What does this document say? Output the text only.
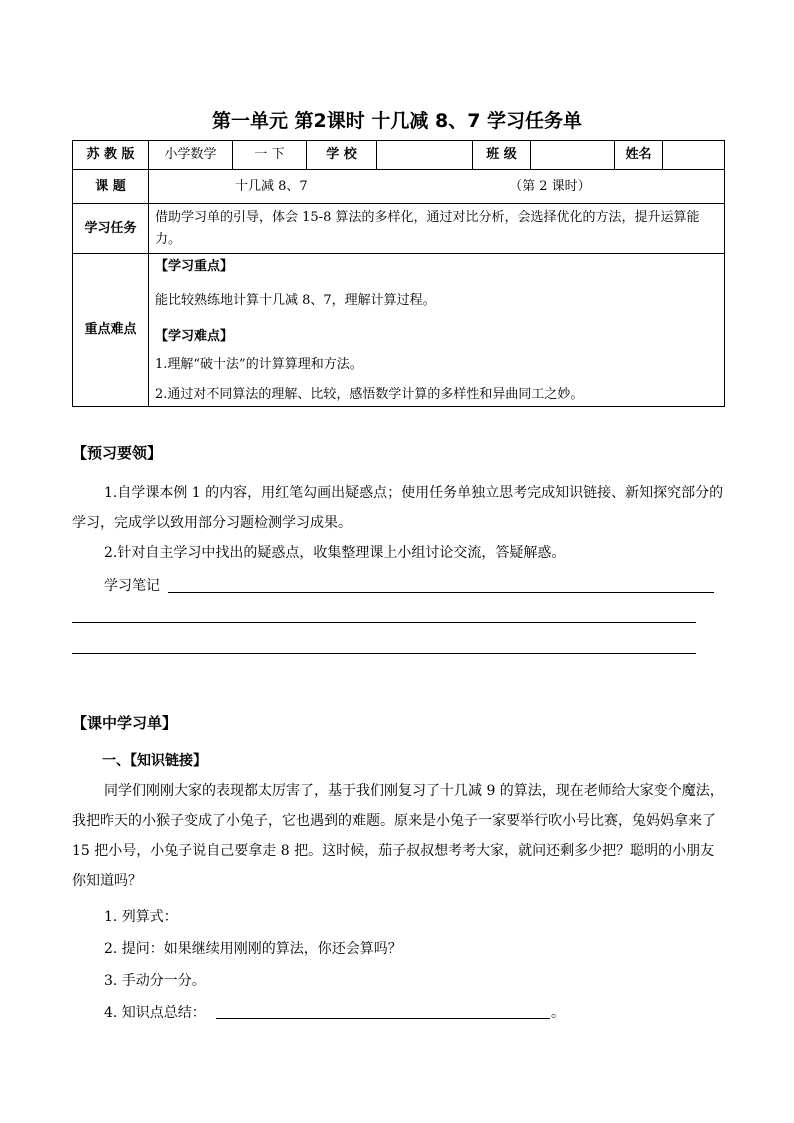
第一单元 第2课时 十几减 8、7 学习任务单
苏 教 版	小学数学	一 下	学 校		班 级		姓名	
课 题	十几减 8、7 （第 2 课时）							
学习任务	借助学习单的引导，体会 15-8 算法的多样化，通过对比分析，会选择优化的方法，提升运算能力。							
重点难点	【学习重点】
能比较熟练地计算十几减 8、7，理解计算过程。
【学习难点】
1.理解“破十法”的计算算理和方法。
2.通过对不同算法的理解、比较，感悟数学计算的多样性和异曲同工之妙。							
【预习要领】

1.自学课本例 1 的内容，用红笔勾画出疑惑点；使用任务单独立思考完成知识链接、新知探究部分的学习，完成学以致用部分习题检测学习成果。

2.针对自主学习中找出的疑惑点，收集整理课上小组讨论交流，答疑解惑。

学习笔记
【课中学习单】
一、【知识链接】

同学们刚刚大家的表现都太厉害了，基于我们刚复习了十几减 9 的算法，现在老师给大家变个魔法，我把昨天的小猴子变成了小兔子，它也遇到的难题。原来是小兔子一家要举行吹小号比赛，兔妈妈拿来了 15 把小号，小兔子说自己要拿走 8 把。这时候，茄子叔叔想考考大家，就问还剩多少把？聪明的小朋友你知道吗？

1. 列算式：
2. 提问：如果继续用刚刚的算法，你还会算吗？
3. 手动分一分。
4. 知识点总结：	。
